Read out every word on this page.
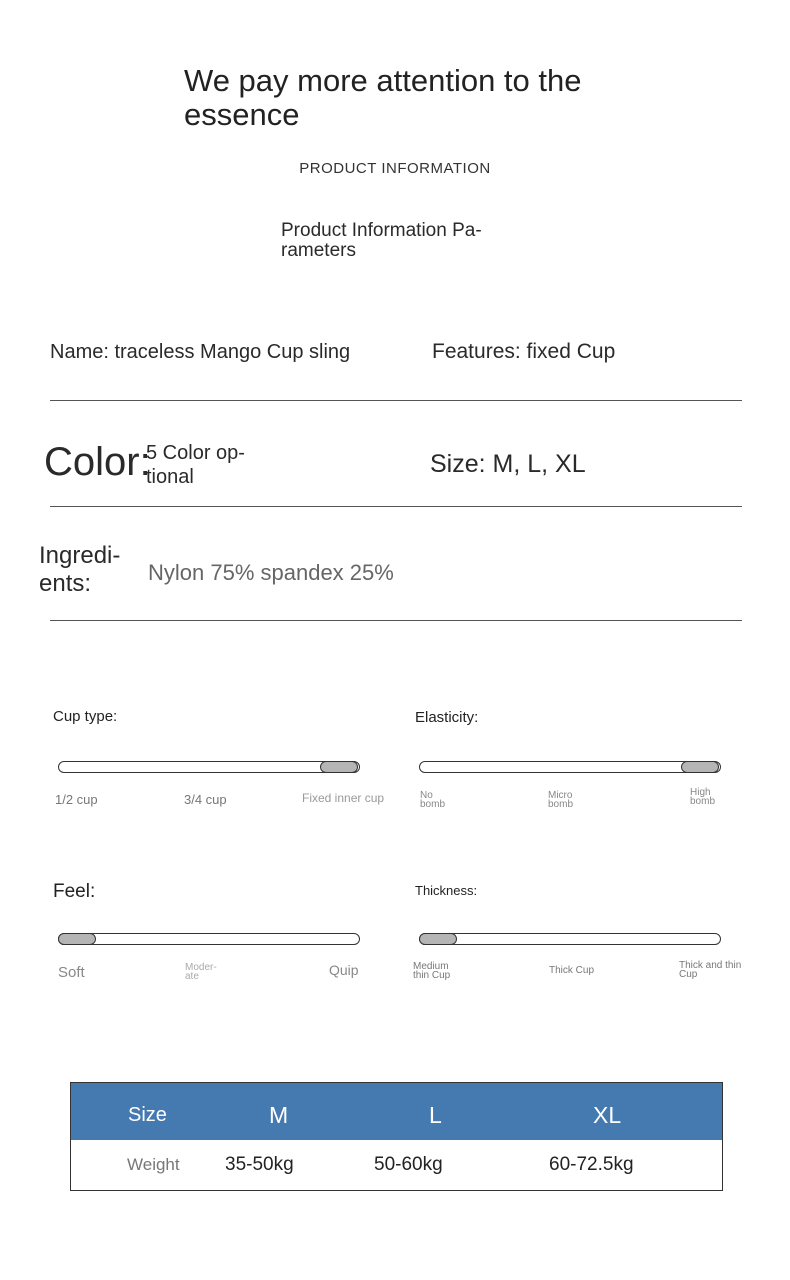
We pay more attention to the essence
PRODUCT INFORMATION
Product Information Pa-
rameters
Name: traceless Mango Cup sling	Features: fixed Cup
Color:
5 Color op-
tional	Size: M, L, XL
Ingredi-
ents:	Nylon 75% spandex 25%
Cup type:
1/2 cup	3/4 cup	Fixed inner cup
Elasticity:
No
bomb
Micro
bomb
High
bomb
Feel:
Soft	Moder-
ate	Quip
Thickness:
Medium
thin Cup	Thick Cup	Thick and thin
Cup
Size	M	L	XL
Weight 35-50kg	50-60kg	60-72.5kg
